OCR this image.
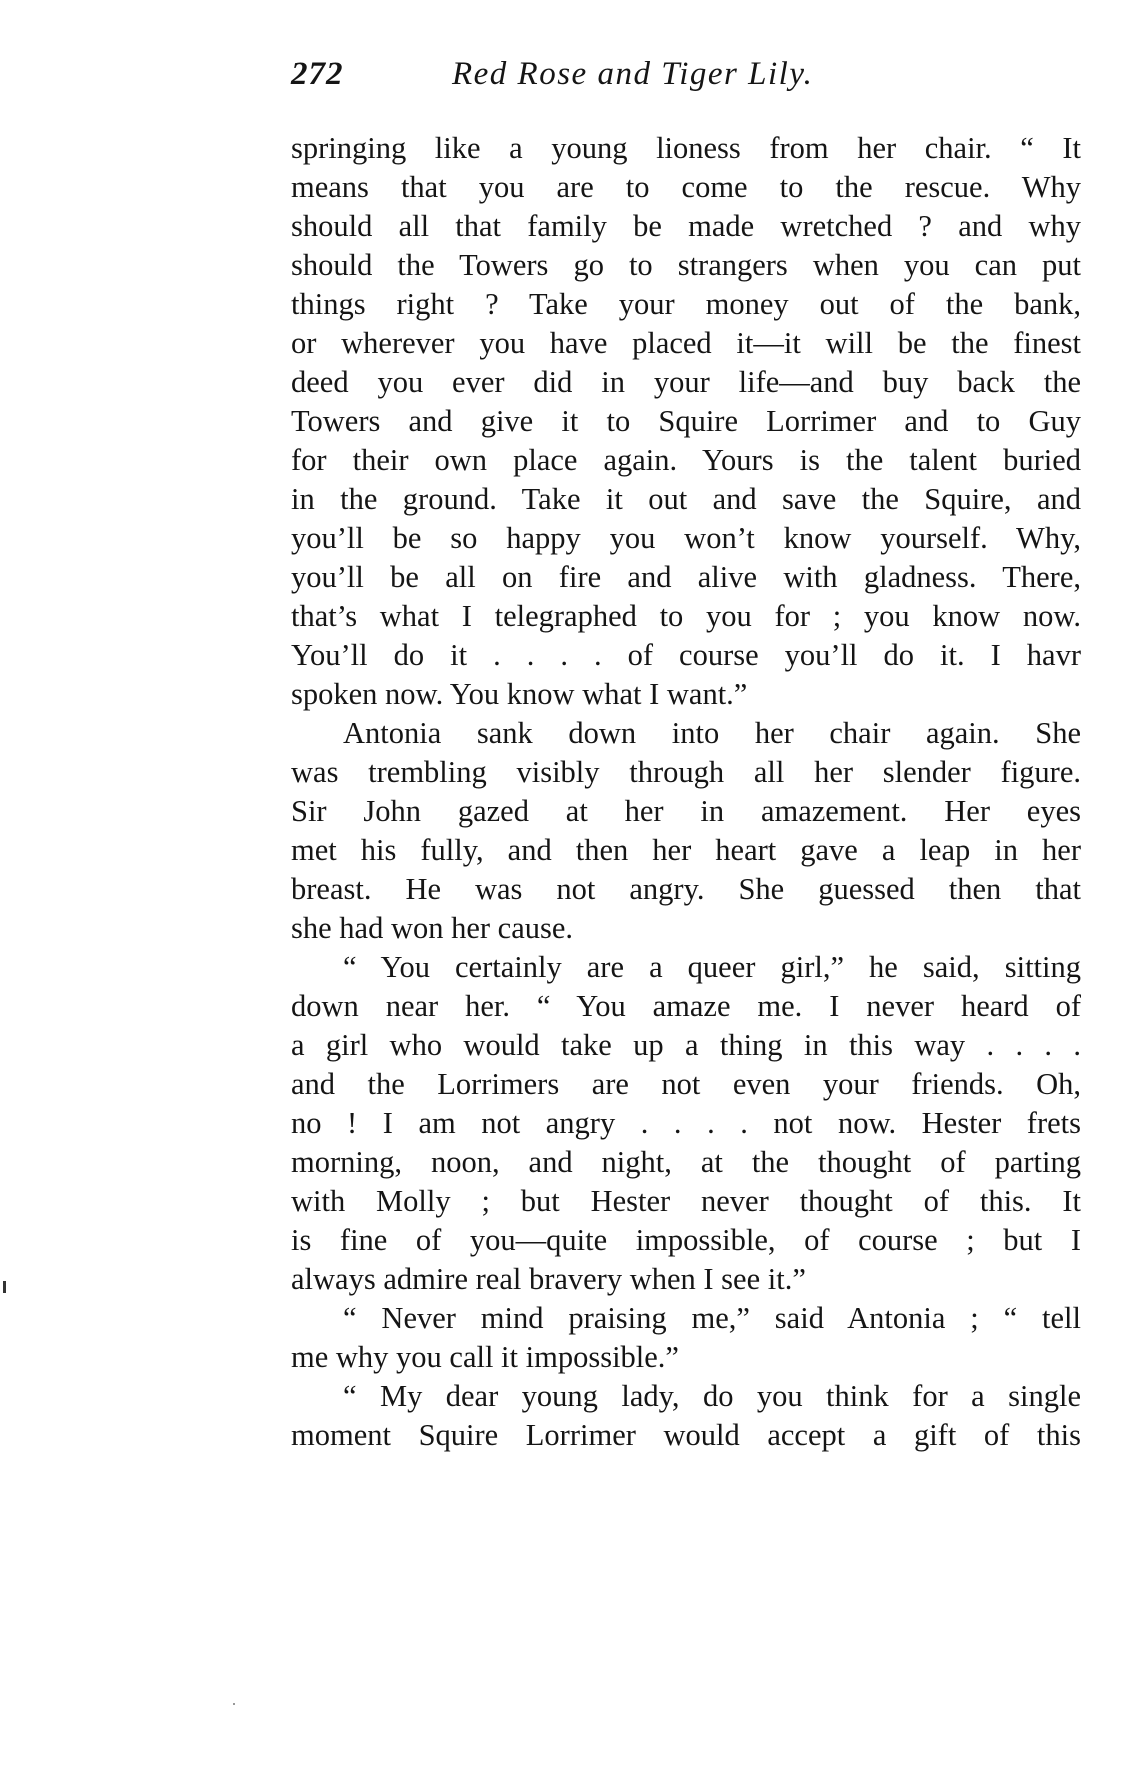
272	Red Rose and Tiger Lily.
springing like a young lioness from her chair. “ It
means that you are to come to the rescue. Why
should all that family be made wretched ? and why
should the Towers go to strangers when you can put
things right ? Take your money out of the bank,
or wherever you have placed it—it will be the finest
deed you ever did in your life—and buy back the
Towers and give it to Squire Lorrimer and to Guy
for their own place again. Yours is the talent buried
in the ground. Take it out and save the Squire, and
you’ll be so happy you won’t know yourself. Why,
you’ll be all on fire and alive with gladness. There,
that’s what I telegraphed to you for ; you know now.
You’ll do it . . . . of course you’ll do it. I havr
spoken now. You know what I want.”
Antonia sank down into her chair again. She
was trembling visibly through all her slender figure.
Sir John gazed at her in amazement. Her eyes
met his fully, and then her heart gave a leap in her
breast. He was not angry. She guessed then that
she had won her cause.
“ You certainly are a queer girl,” he said, sitting
down near her. “ You amaze me. I never heard of
a girl who would take up a thing in this way . . . .
and the Lorrimers are not even your friends. Oh,
no ! I am not angry . . . . not now. Hester frets
morning, noon, and night, at the thought of parting
with Molly ; but Hester never thought of this. It
is fine of you—quite impossible, of course ; but I
always admire real bravery when I see it.”
“ Never mind praising me,” said Antonia ; “ tell
me why you call it impossible.”
“ My dear young lady, do you think for a single
moment Squire Lorrimer would accept a gift of this
